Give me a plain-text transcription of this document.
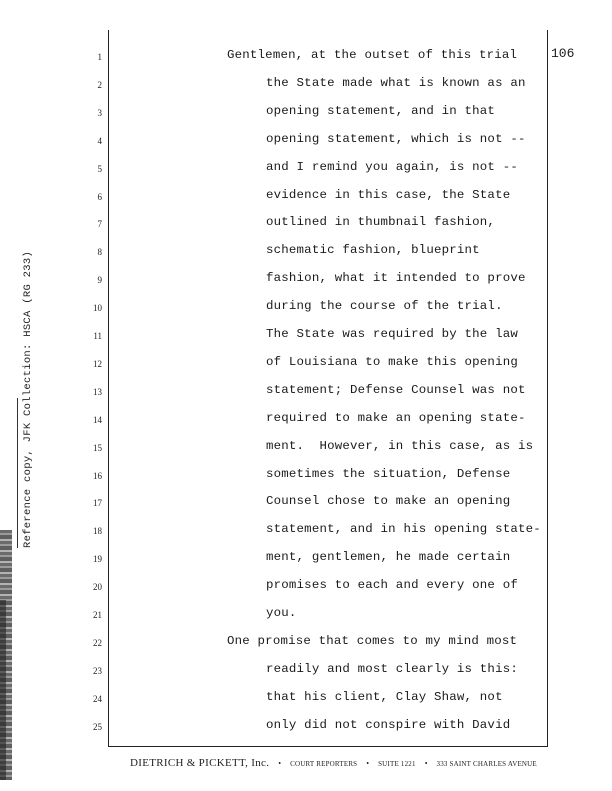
Reference copy, JFK Collection: HSCA (RG 233)
106
1
2
3
4
5
6
7
8
9
10
11
12
13
14
15
16
17
18
19
20
21
22
23
24
25
Gentlemen, at the outset of this trial
the State made what is known as an
opening statement, and in that
opening statement, which is not --
and I remind you again, is not --
evidence in this case, the State
outlined in thumbnail fashion,
schematic fashion, blueprint
fashion, what it intended to prove
during the course of the trial.
The State was required by the law
of Louisiana to make this opening
statement; Defense Counsel was not
required to make an opening state-
ment.  However, in this case, as is
sometimes the situation, Defense
Counsel chose to make an opening
statement, and in his opening state-
ment, gentlemen, he made certain
promises to each and every one of
you.
One promise that comes to my mind most
readily and most clearly is this:
that his client, Clay Shaw, not
only did not conspire with David
DIETRICH & PICKETT, Inc. • COURT REPORTERS • SUITE 1221 • 333 SAINT CHARLES AVENUE
